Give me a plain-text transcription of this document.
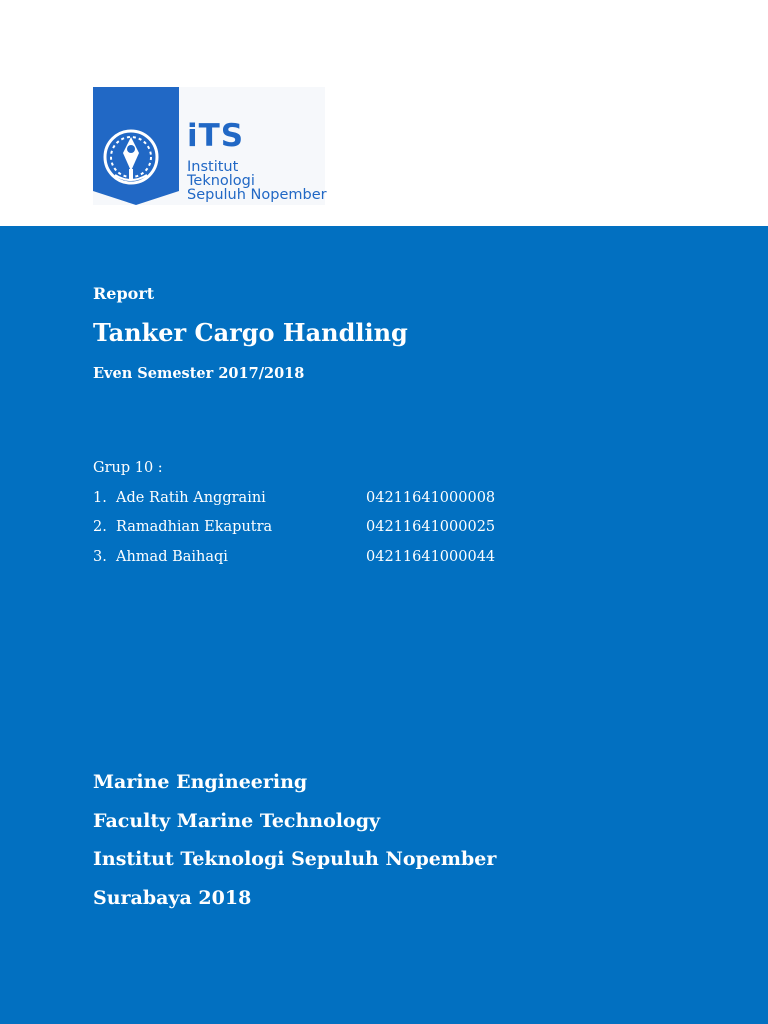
iTS
Institut
Teknologi
Sepuluh Nopember
Report
Tanker Cargo Handling
Even Semester 2017/2018
Grup 10 :
1. Ade Ratih Anggraini	04211641000008
2. Ramadhian Ekaputra	04211641000025
3. Ahmad Baihaqi	04211641000044
Marine Engineering
Faculty Marine Technology
Institut Teknologi Sepuluh Nopember
Surabaya 2018
